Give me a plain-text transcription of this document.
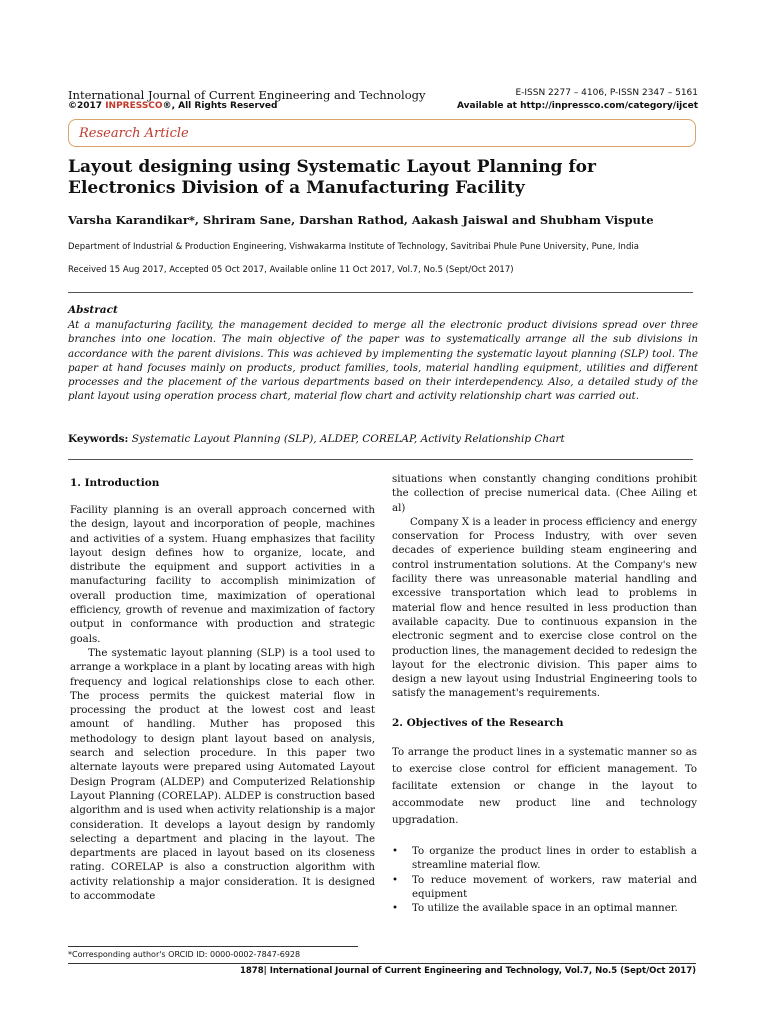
International Journal of Current Engineering and Technology
©2017 INPRESSCO®, All Rights Reserved
E-ISSN 2277 – 4106, P-ISSN 2347 – 5161
Available at http://inpressco.com/category/ijcet
Research Article
Layout designing using Systematic Layout Planning for Electronics Division of a Manufacturing Facility
Varsha Karandikar*, Shriram Sane, Darshan Rathod, Aakash Jaiswal and Shubham Vispute
Department of Industrial & Production Engineering, Vishwakarma Institute of Technology, Savitribai Phule Pune University, Pune, India
Received 15 Aug 2017, Accepted 05 Oct 2017, Available online 11 Oct 2017, Vol.7, No.5 (Sept/Oct 2017)
Abstract
At a manufacturing facility, the management decided to merge all the electronic product divisions spread over three branches into one location. The main objective of the paper was to systematically arrange all the sub divisions in accordance with the parent divisions. This was achieved by implementing the systematic layout planning (SLP) tool. The paper at hand focuses mainly on products, product families, tools, material handling equipment, utilities and different processes and the placement of the various departments based on their interdependency. Also, a detailed study of the plant layout using operation process chart, material flow chart and activity relationship chart was carried out.
Keywords: Systematic Layout Planning (SLP), ALDEP, CORELAP, Activity Relationship Chart
1. Introduction

Facility planning is an overall approach concerned with the design, layout and incorporation of people, machines and activities of a system. Huang emphasizes that facility layout design defines how to organize, locate, and distribute the equipment and support activities in a manufacturing facility to accomplish minimization of overall production time, maximization of operational efficiency, growth of revenue and maximization of factory output in conformance with production and strategic goals.

The systematic layout planning (SLP) is a tool used to arrange a workplace in a plant by locating areas with high frequency and logical relationships close to each other. The process permits the quickest material flow in processing the product at the lowest cost and least amount of handling. Muther has proposed this methodology to design plant layout based on analysis, search and selection procedure. In this paper two alternate layouts were prepared using Automated Layout Design Program (ALDEP) and Computerized Relationship Layout Planning (CORELAP). ALDEP is construction based algorithm and is used when activity relationship is a major consideration. It develops a layout design by randomly selecting a department and placing in the layout. The departments are placed in layout based on its closeness rating. CORELAP is also a construction algorithm with activity relationship a major consideration. It is designed to accommodate

situations when constantly changing conditions prohibit the collection of precise numerical data. (Chee Ailing et al)

Company X is a leader in process efficiency and energy conservation for Process Industry, with over seven decades of experience building steam engineering and control instrumentation solutions. At the Company's new facility there was unreasonable material handling and excessive transportation which lead to problems in material flow and hence resulted in less production than available capacity. Due to continuous expansion in the electronic segment and to exercise close control on the production lines, the management decided to redesign the layout for the electronic division. This paper aims to design a new layout using Industrial Engineering tools to satisfy the management's requirements.

2. Objectives of the Research

To arrange the product lines in a systematic manner so as to exercise close control for efficient management. To facilitate extension or change in the layout to accommodate new product line and technology upgradation.

• To organize the product lines in order to establish a streamline material flow.
• To reduce movement of workers, raw material and equipment
• To utilize the available space in an optimal manner.
*Corresponding author's ORCID ID: 0000-0002-7847-6928
1878| International Journal of Current Engineering and Technology, Vol.7, No.5 (Sept/Oct 2017)
